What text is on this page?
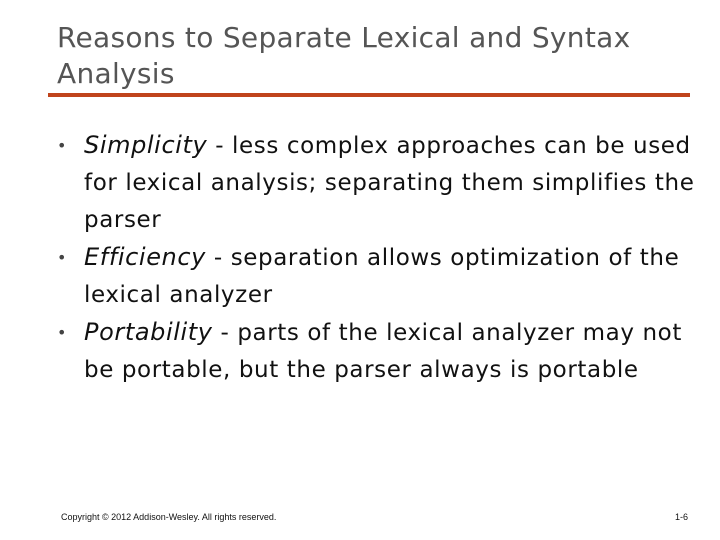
Reasons to Separate Lexical and Syntax Analysis
• Simplicity - less complex approaches can be used for lexical analysis; separating them simplifies the parser
• Efficiency - separation allows optimization of the lexical analyzer
• Portability - parts of the lexical analyzer may not be portable, but the parser always is portable
Copyright © 2012 Addison-Wesley. All rights reserved.	1-6
